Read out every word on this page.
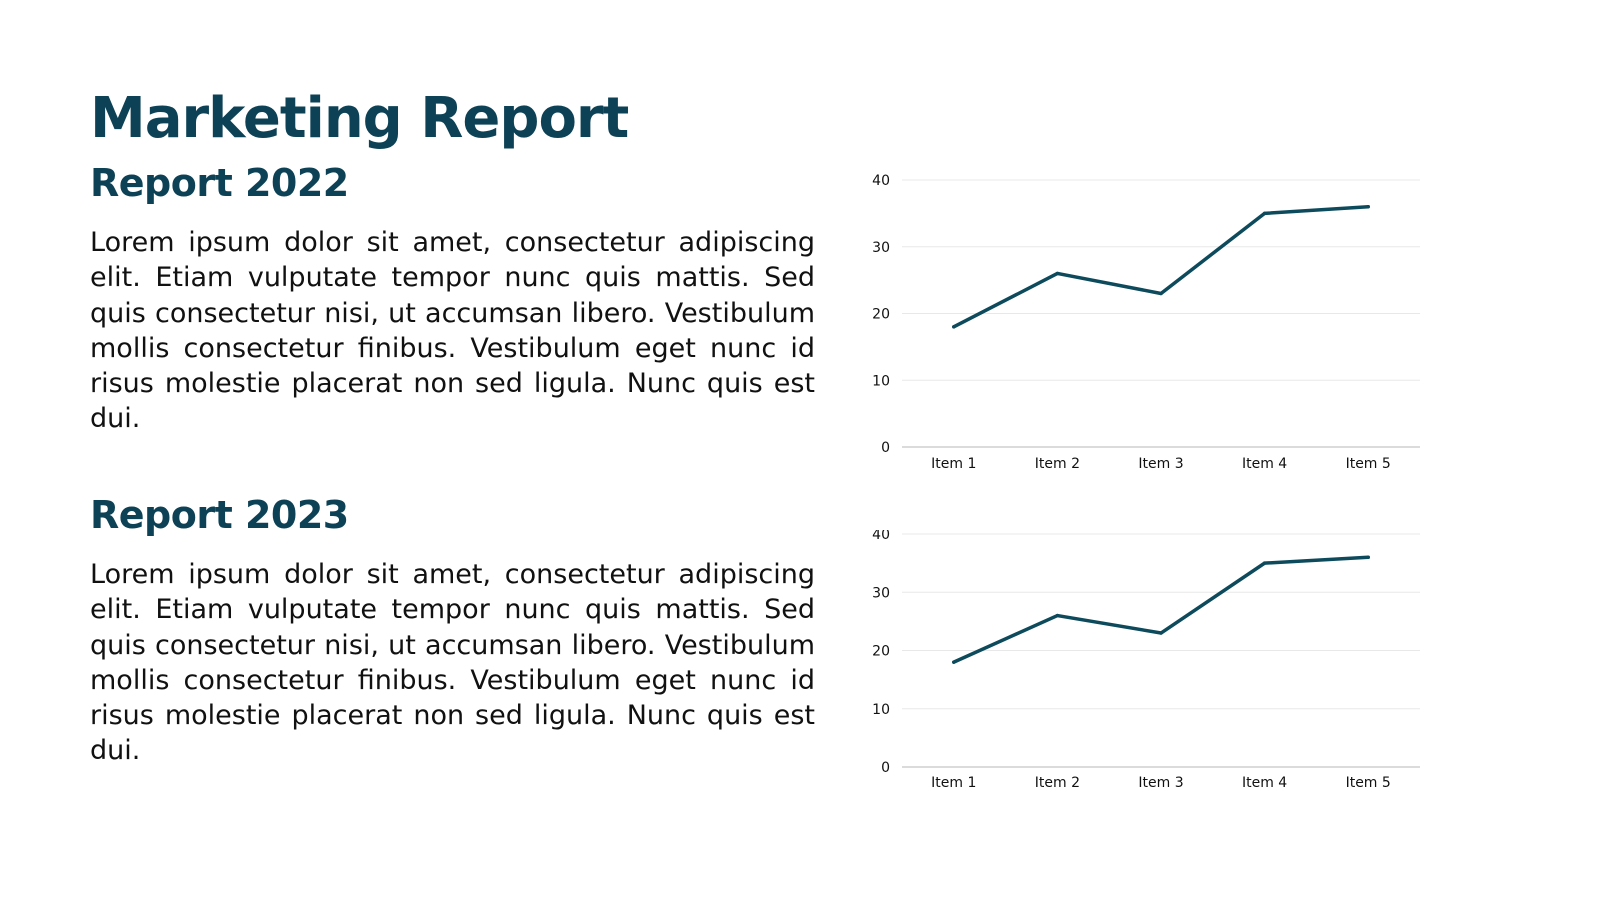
Marketing Report
Report 2022

Lorem ipsum dolor sit amet, consectetur adipiscing elit. Etiam vulputate tempor nunc quis mattis. Sed quis consectetur nisi, ut accumsan libero. Vestibulum mollis consectetur finibus. Vestibulum eget nunc id risus molestie placerat non sed ligula. Nunc quis est dui.

Report 2023

Lorem ipsum dolor sit amet, consectetur adipiscing elit. Etiam vulputate tempor nunc quis mattis. Sed quis consectetur nisi, ut accumsan libero. Vestibulum mollis consectetur finibus. Vestibulum eget nunc id risus molestie placerat non sed ligula. Nunc quis est dui.

0
10
20
30
40
Item 1	Item 2	Item 3	Item 4	Item 5
0
10
20
30
40
Item 1	Item 2	Item 3	Item 4	Item 5
